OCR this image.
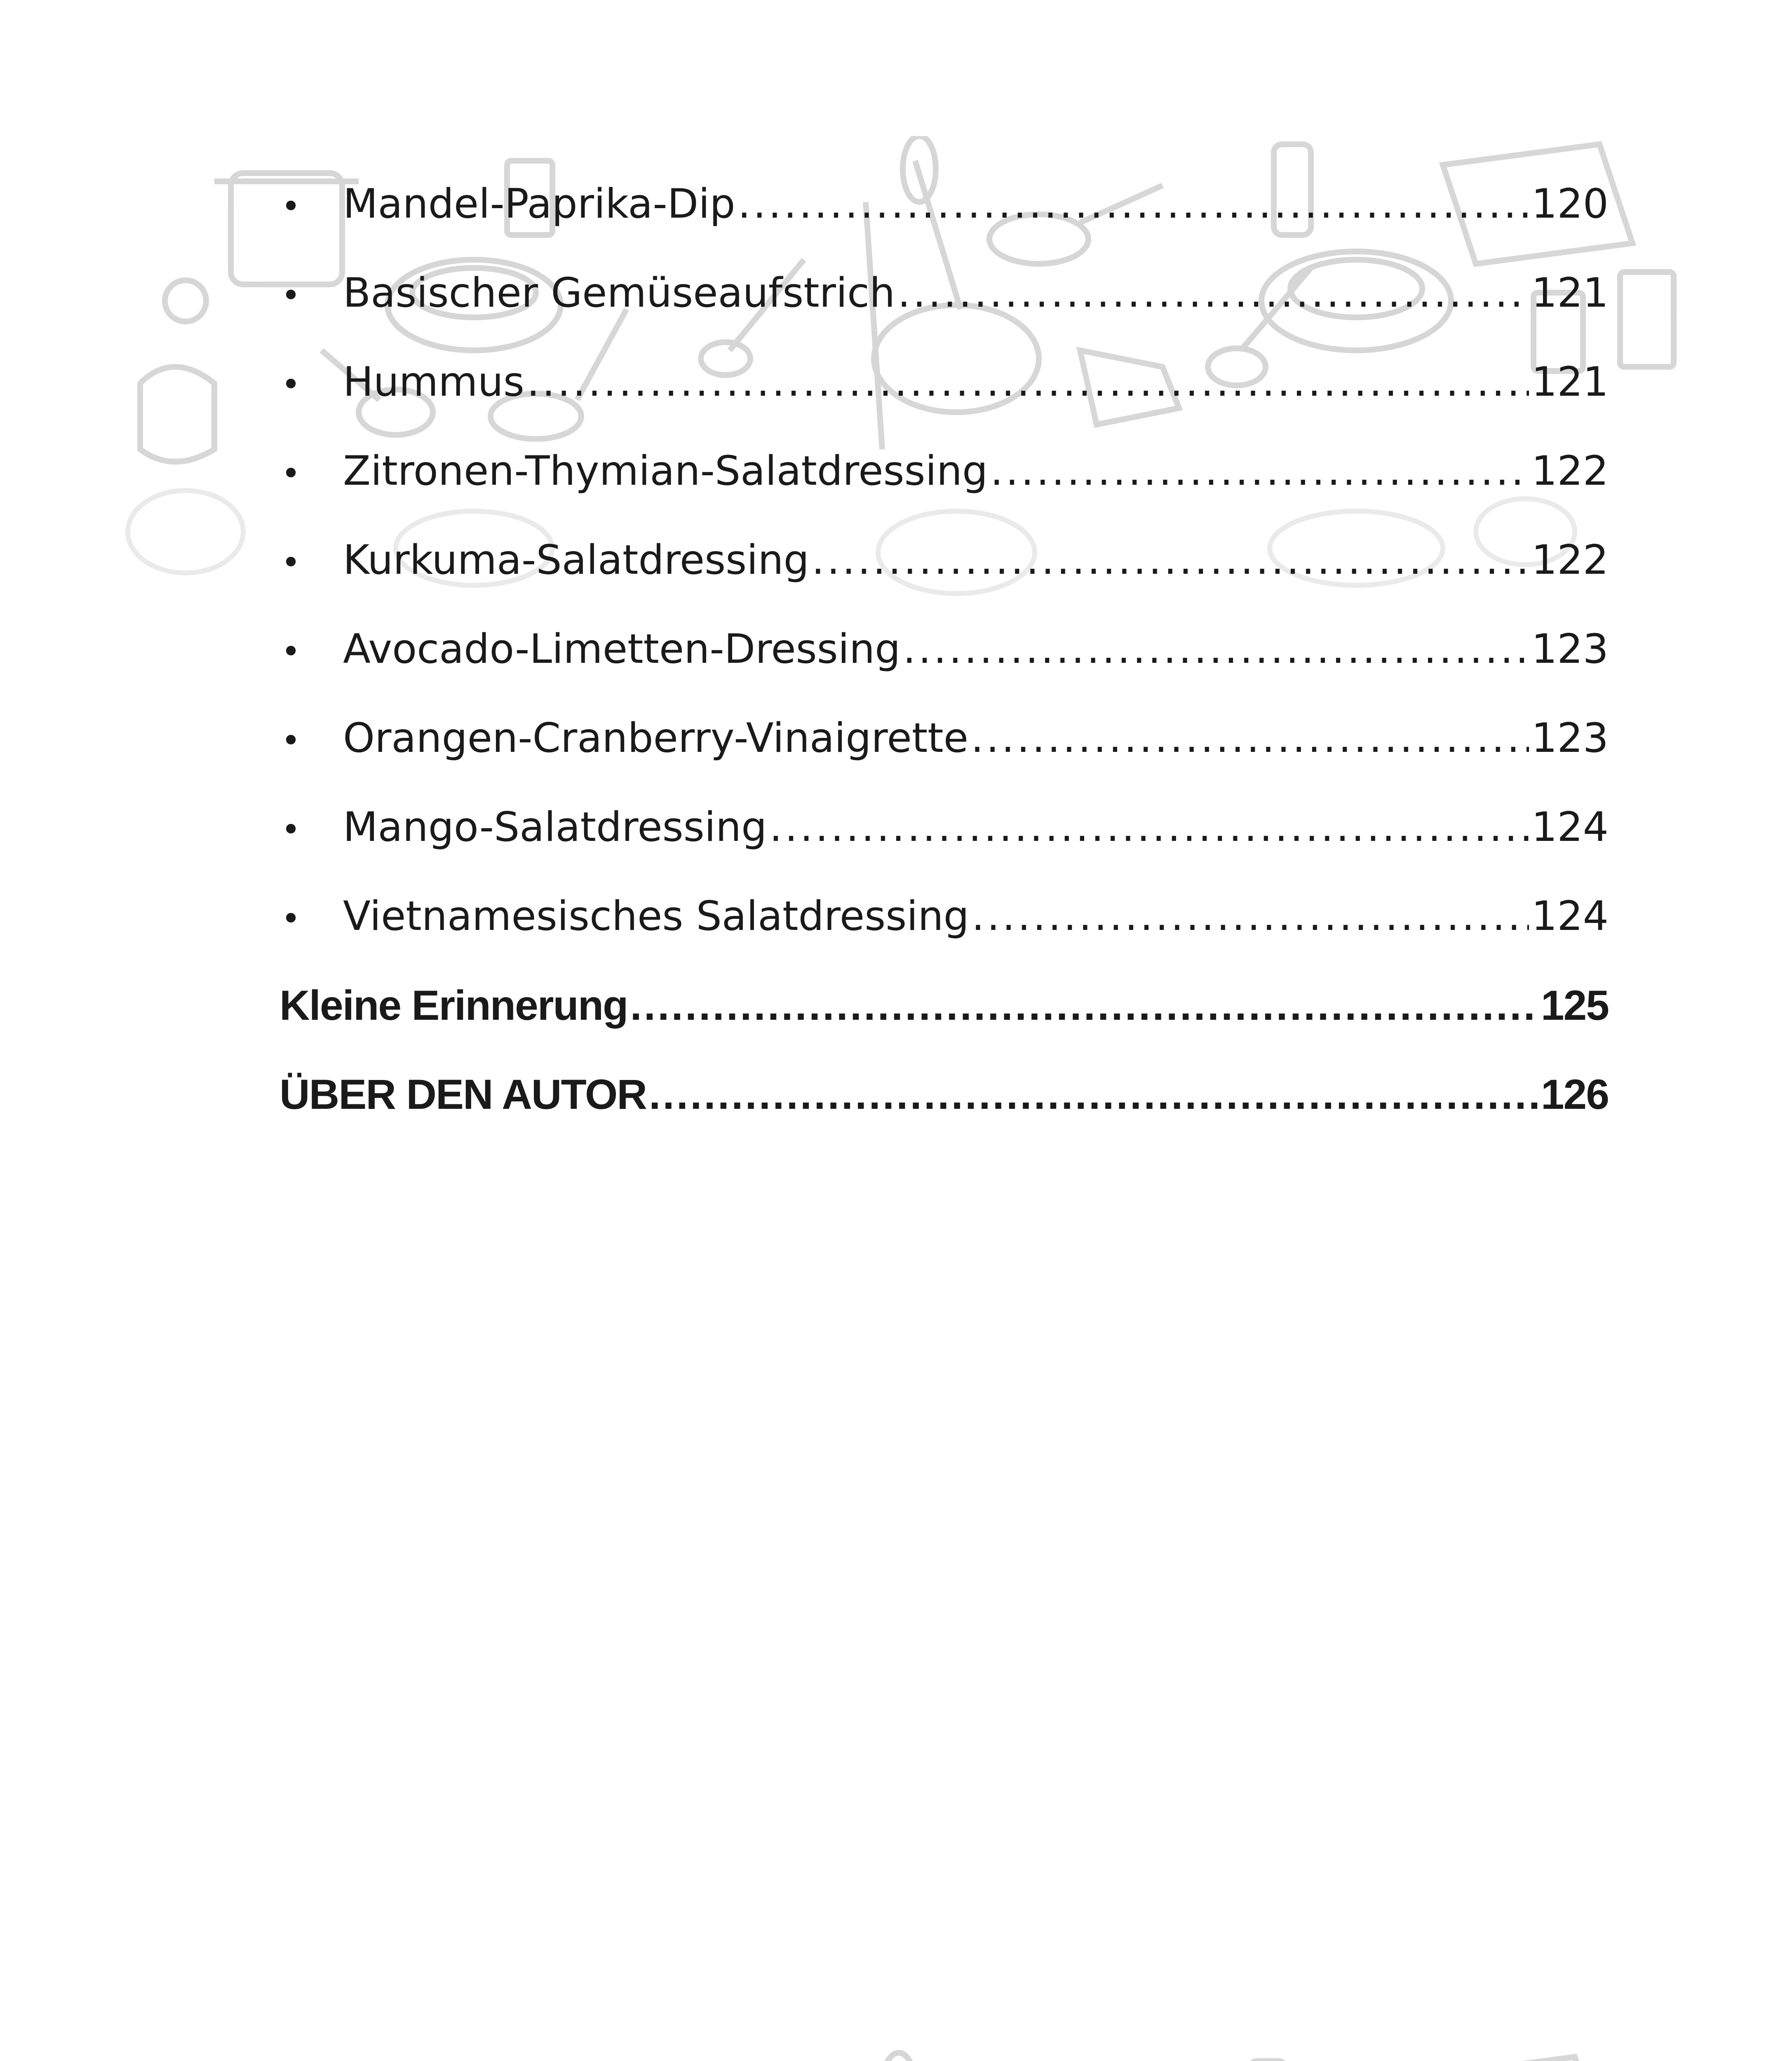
•	Mandel-Paprika-Dip .....	120
•	Basischer Gemüseaufstrich .....	121
•	Hummus .....	121
•	Zitronen-Thymian-Salatdressing .....	122
•	Kurkuma-Salatdressing .....	122
•	Avocado-Limetten-Dressing .....	123
•	Orangen-Cranberry-Vinaigrette .....	123
•	Mango-Salatdressing .....	124
•	Vietnamesisches Salatdressing .....	124
Kleine Erinnerung .....	125
ÜBER DEN AUTOR .....	126
